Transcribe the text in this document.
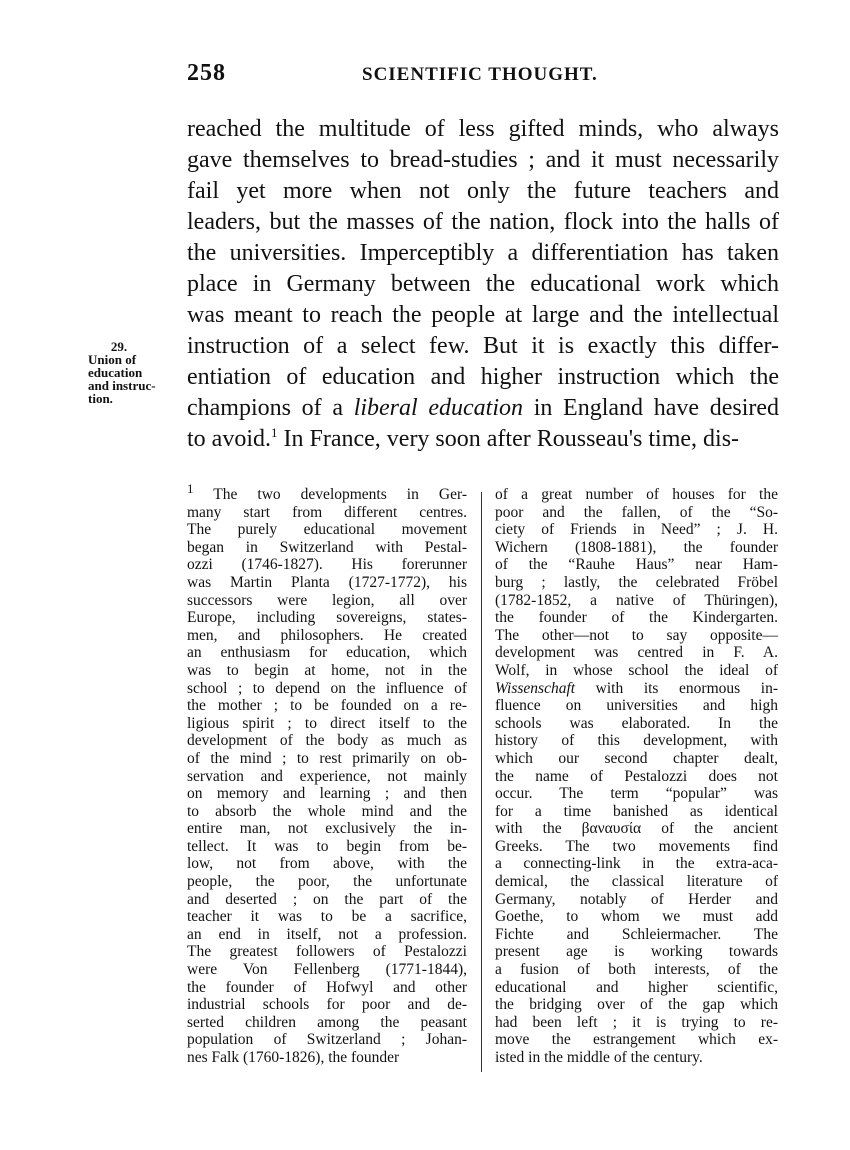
258	SCIENTIFIC THOUGHT.
29.
Union of
education
and instruc-
tion.
reached the multitude of less gifted minds, who always
gave themselves to bread-studies ; and it must necessarily
fail yet more when not only the future teachers and
leaders, but the masses of the nation, flock into the halls of
the universities. Imperceptibly a differentiation has taken
place in Germany between the educational work which
was meant to reach the people at large and the intellectual
instruction of a select few. But it is exactly this differ-
entiation of education and higher instruction which the
champions of a liberal education in England have desired
to avoid.$^1$ In France, very soon after Rousseau's time, dis-
$^1$ The two developments in Ger-
many start from different centres.
The purely educational movement
began in Switzerland with Pestal-
ozzi (1746-1827). His forerunner
was Martin Planta (1727-1772), his
successors were legion, all over
Europe, including sovereigns, states-
men, and philosophers. He created
an enthusiasm for education, which
was to begin at home, not in the
school ; to depend on the influence of
the mother ; to be founded on a re-
ligious spirit ; to direct itself to the
development of the body as much as
of the mind ; to rest primarily on ob-
servation and experience, not mainly
on memory and learning ; and then
to absorb the whole mind and the
entire man, not exclusively the in-
tellect. It was to begin from be-
low, not from above, with the
people, the poor, the unfortunate
and deserted ; on the part of the
teacher it was to be a sacrifice,
an end in itself, not a profession.
The greatest followers of Pestalozzi
were Von Fellenberg (1771-1844),
the founder of Hofwyl and other
industrial schools for poor and de-
serted children among the peasant
population of Switzerland ; Johan-
nes Falk (1760-1826), the founder
of a great number of houses for the
poor and the fallen, of the “So-
ciety of Friends in Need” ; J. H.
Wichern (1808-1881), the founder
of the “Rauhe Haus” near Ham-
burg ; lastly, the celebrated Fröbel
(1782-1852, a native of Thüringen),
the founder of the Kindergarten.
The other—not to say opposite—
development was centred in F. A.
Wolf, in whose school the ideal of
Wissenschaft with its enormous in-
fluence on universities and high
schools was elaborated. In the
history of this development, with
which our second chapter dealt,
the name of Pestalozzi does not
occur. The term “popular” was
for a time banished as identical
with the βαναυσία of the ancient
Greeks. The two movements find
a connecting-link in the extra-aca-
demical, the classical literature of
Germany, notably of Herder and
Goethe, to whom we must add
Fichte and Schleiermacher. The
present age is working towards
a fusion of both interests, of the
educational and higher scientific,
the bridging over of the gap which
had been left ; it is trying to re-
move the estrangement which ex-
isted in the middle of the century.
